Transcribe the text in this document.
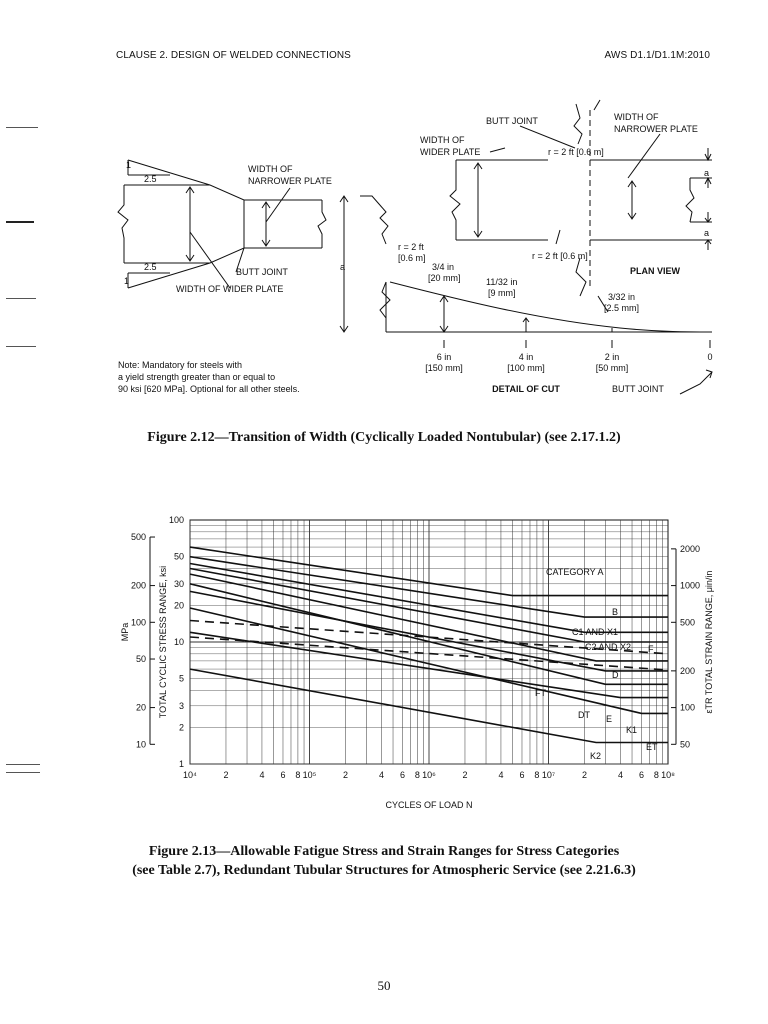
CLAUSE 2. DESIGN OF WELDED CONNECTIONS	AWS D1.1/D1.1M:2010
1
2.5
2.5
1
WIDTH OF
NARROWER PLATE
BUTT JOINT
WIDTH OF WIDER PLATE
a
r = 2 ft
[0.6 m]
BUTT JOINT
WIDTH OF
WIDER PLATE
WIDTH OF
NARROWER PLATE
r = 2 ft [0.6 m]
r = 2 ft [0.6 m]
a
a
PLAN VIEW
3/4 in
[20 mm]	11/32 in
[9 mm]	3/32 in
[2.5 mm]
6 in
[150 mm]
4 in
[100 mm]
2 in
[50 mm]
0
DETAIL OF CUT	BUTT JOINT
Note: Mandatory for steels with
a yield strength greater than or equal to
90 ksi [620 MPa]. Optional for all other steels.
Figure 2.12—Transition of Width (Cyclically Loaded Nontubular) (see 2.17.1.2)
CATEGORY A
B
C1 AND X1
C2 AND X2
D
E
ET
K1
K2
F
FT
DT
10⁴	2	4 6 8 10⁵	2	4 6 8 10⁶	2	4 6 8 10⁷	2	4 6 8 10⁸
1
2
3
5
10
20
30
50
100
10
20
50
100
200
500
50
100
200
500
1000
2000
CYCLES OF LOAD N
TOTAL CYCLIC STRESS RANGE, ksi
MPa	εTR TOTAL STRAIN RANGE, μin/in
Figure 2.13—Allowable Fatigue Stress and Strain Ranges for Stress Categories
(see Table 2.7), Redundant Tubular Structures for Atmospheric Service (see 2.21.6.3)
50
